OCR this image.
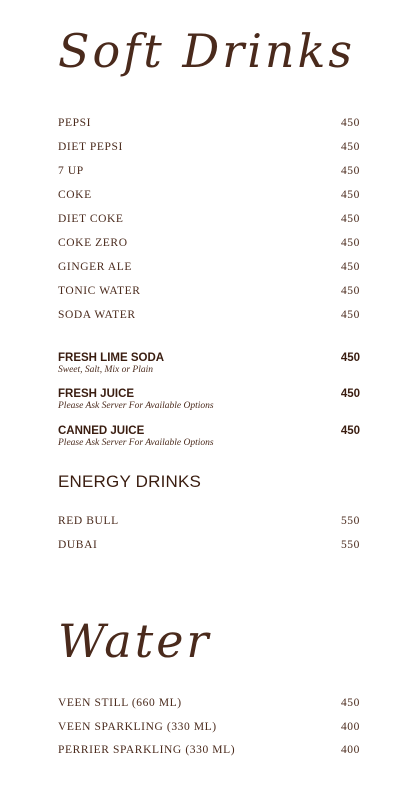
Soft Drinks
PEPSI	450
DIET PEPSI	450
7 UP	450
COKE	450
DIET COKE	450
COKE ZERO	450
GINGER ALE	450
TONIC WATER	450
SODA WATER	450
FRESH LIME SODA	450
Sweet, Salt, Mix or Plain
FRESH JUICE	450
Please Ask Server For Available Options
CANNED JUICE	450
Please Ask Server For Available Options
ENERGY DRINKS
RED BULL	550
DUBAI	550
Water
VEEN STILL (660 ML)	450
VEEN SPARKLING (330 ML)	400
PERRIER SPARKLING (330 ML)	400
